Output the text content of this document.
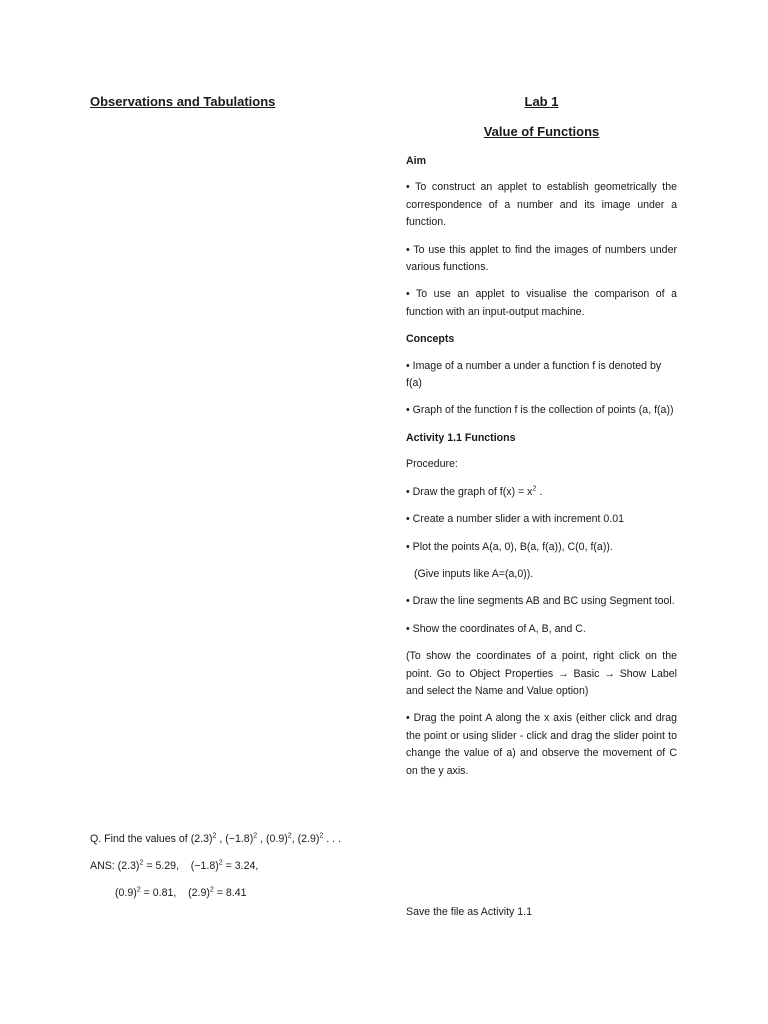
Observations and Tabulations	Lab 1
Value of Functions

Aim

• To construct an applet to establish geometrically the correspondence of a number and its image under a function.

• To use this applet to find the images of numbers under various functions.

• To use an applet to visualise the comparison of a function with an input-output machine.

Concepts

• Image of a number a under a function f is denoted by f(a)

• Graph of the function f is the collection of points (a, f(a))

Activity 1.1 Functions

Procedure:

• Draw the graph of $f(x) = x^2$ .

• Create a number slider a with increment 0.01

• Plot the points A(a, 0), B(a, f(a)), C(0, f(a)).

(Give inputs like A=(a,0)).

• Draw the line segments AB and BC using Segment tool.

• Show the coordinates of A, B, and C.

(To show the coordinates of a point, right click on the point. Go to Object Properties → Basic → Show Label and select the Name and Value option)

• Drag the point A along the x axis (either click and drag the point or using slider - click and drag the slider point to change the value of a) and observe the movement of C on the y axis.

Save the file as Activity 1.1
Q. Find the values of $(2.3)^2$ , $(-1.8)^2$ , $(0.9)^2$, $(2.9)^2$ . . .
ANS: $(2.3)^2 = 5.29$, $(-1.8)^2 = 3.24$,
$(0.9)^2 = 0.81$, $(2.9)^2 = 8.41$
